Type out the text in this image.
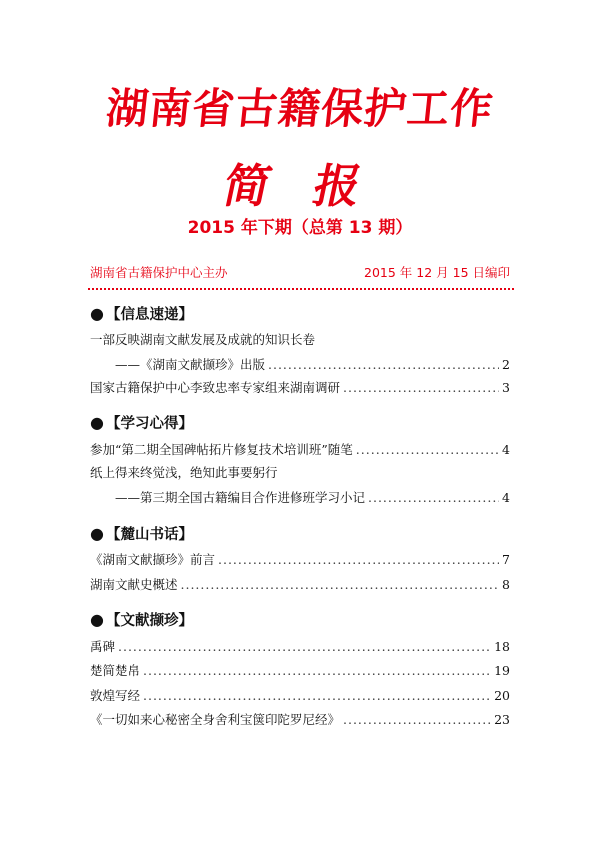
湖南省古籍保护工作
简 报
2015 年下期（总第 13 期）
湖南省古籍保护中心主办	2015 年 12 月 15 日编印
● 【信息速递】
一部反映湖南文献发展及成就的知识长卷
——《湖南文献撷珍》出版 .....	2
国家古籍保护中心李致忠率专家组来湖南调研 .....	3
● 【学习心得】
参加“第二期全国碑帖拓片修复技术培训班”随笔 .....	4
纸上得来终觉浅，绝知此事要躬行
——第三期全国古籍编目合作进修班学习小记 .....	4
● 【麓山书话】
《湖南文献撷珍》前言 .....	7
湖南文献史概述 .....	8
● 【文献撷珍】
禹碑 .....	18
楚简楚帛 .....	19
敦煌写经 .....	20
《一切如来心秘密全身舍利宝箧印陀罗尼经》 .....	23
